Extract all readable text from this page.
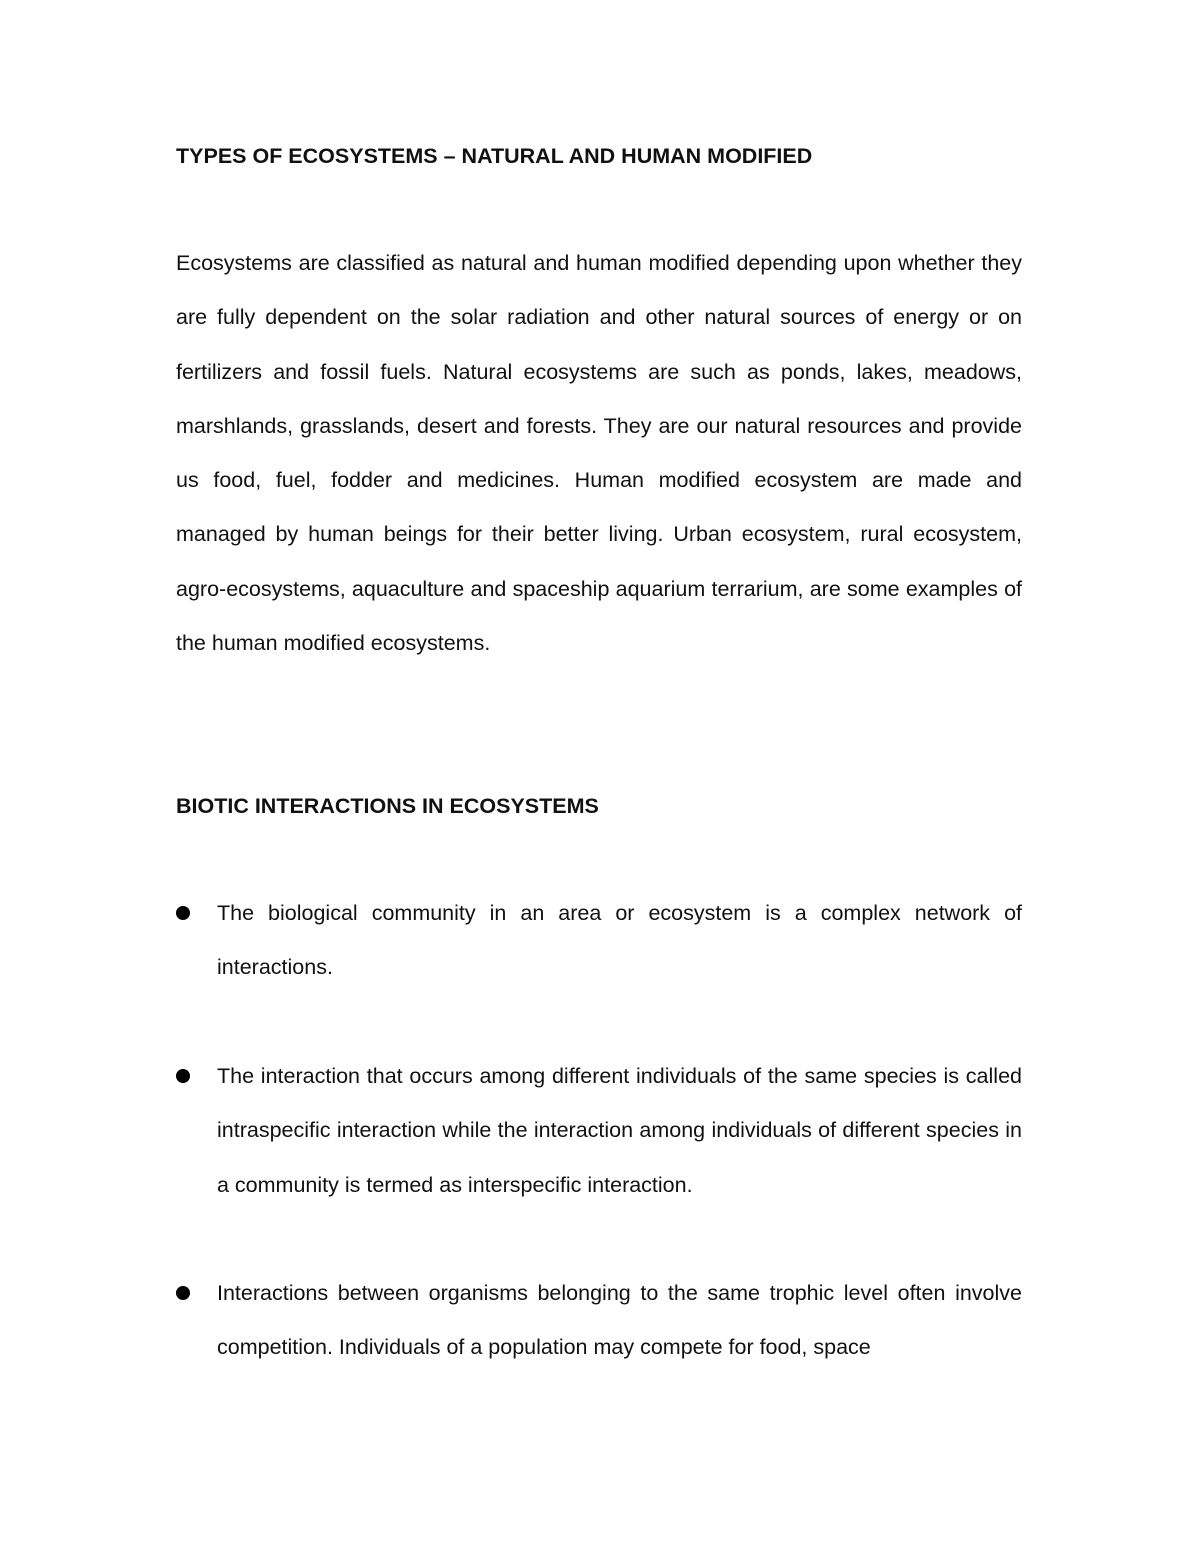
TYPES OF ECOSYSTEMS – NATURAL AND HUMAN MODIFIED

Ecosystems are classified as natural and human modified depending upon whether they are fully dependent on the solar radiation and other natural sources of energy or on fertilizers and fossil fuels. Natural ecosystems are such as ponds, lakes, meadows, marshlands, grasslands, desert and forests. They are our natural resources and provide us food, fuel, fodder and medicines. Human modified ecosystem are made and managed by human beings for their better living. Urban ecosystem, rural ecosystem, agro-ecosystems, aquaculture and spaceship aquarium terrarium, are some examples of the human modified ecosystems.

BIOTIC INTERACTIONS IN ECOSYSTEMS

The biological community in an area or ecosystem is a complex network of interactions.

The interaction that occurs among different individuals of the same species is called intraspecific interaction while the interaction among individuals of different species in a community is termed as interspecific interaction.

Interactions between organisms belonging to the same trophic level often involve competition. Individuals of a population may compete for food, space
